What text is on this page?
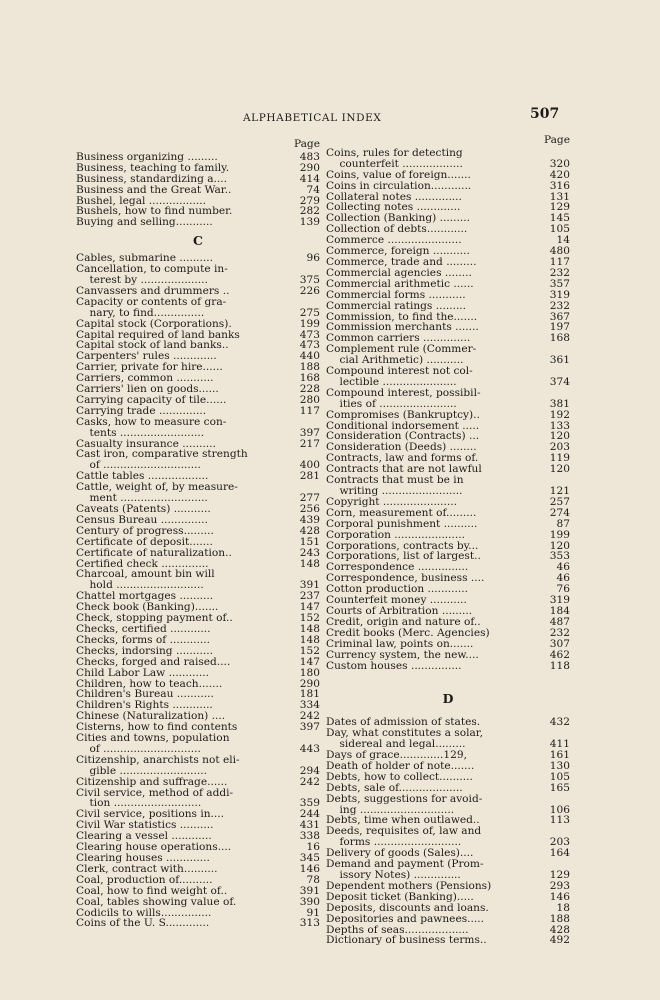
ALPHABETICAL INDEX	507
Page
Business organizing .........	483
Business, teaching to family.	290
Business, standardizing a....	414
Business and the Great War..	74
Bushel, legal .................	279
Bushels, how to find number.	282
Buying and selling...........	139
C
Cables, submarine ..........	96
Cancellation, to compute in-
terest by ....................	375
Canvassers and drummers ..	226
Capacity or contents of gra-
nary, to find...............	275
Capital stock (Corporations).	199
Capital required of land banks	473
Capital stock of land banks..	473
Carpenters' rules .............	440
Carrier, private for hire......	188
Carriers, common ...........	168
Carriers' lien on goods......	228
Carrying capacity of tile......	280
Carrying trade ..............	117
Casks, how to measure con-
tents .........................	397
Casualty insurance ..........	217
Cast iron, comparative strength
of .............................	400
Cattle tables ..................	281
Cattle, weight of, by measure-
ment ..........................	277
Caveats (Patents) ...........	256
Census Bureau ..............	439
Century of progress.........	428
Certificate of deposit.......	151
Certificate of naturalization..	243
Certified check ..............	148
Charcoal, amount bin will
hold ..........................	391
Chattel mortgages ..........	237
Check book (Banking).......	147
Check, stopping payment of..	152
Checks, certified ............	148
Checks, forms of ............	148
Checks, indorsing ...........	152
Checks, forged and raised....	147
Child Labor Law ............	180
Children, how to teach.......	290
Children's Bureau ...........	181
Children's Rights ............	334
Chinese (Naturalization) ....	242
Cisterns, how to find contents	397
Cities and towns, population
of .............................	443
Citizenship, anarchists not eli-
gible ..........................	294
Citizenship and suffrage......	242
Civil service, method of addi-
tion ..........................	359
Civil service, positions in....	244
Civil War statistics ..........	431
Clearing a vessel ............	338
Clearing house operations....	16
Clearing houses .............	345
Clerk, contract with..........	146
Coal, production of..........	78
Coal, how to find weight of..	391
Coal, tables showing value of.	390
Codicils to wills...............	91
Coins of the U. S.............	313
Page
Coins, rules for detecting
counterfeit ..................	320
Coins, value of foreign.......	420
Coins in circulation............	316
Collateral notes ..............	131
Collecting notes .............	129
Collection (Banking) .........	145
Collection of debts............	105
Commerce ......................	14
Commerce, foreign ...........	480
Commerce, trade and .........	117
Commercial agencies ........	232
Commercial arithmetic ......	357
Commercial forms ...........	319
Commercial ratings .........	232
Commission, to find the.......	367
Commission merchants .......	197
Common carriers ..............	168
Complement rule (Commer-
cial Arithmetic) ...........	361
Compound interest not col-
lectible ......................	374
Compound interest, possibil-
ities of .......................	381
Compromises (Bankruptcy)..	192
Conditional indorsement .....	133
Consideration (Contracts) ...	120
Consideration (Deeds) ........	203
Contracts, law and forms of.	119
Contracts that are not lawful	120
Contracts that must be in
writing ........................	121
Copyright ......................	257
Corn, measurement of.........	274
Corporal punishment ..........	87
Corporation .....................	199
Corporations, contracts by...	120
Corporations, list of largest..	353
Correspondence ...............	46
Correspondence, business ....	46
Cotton production ............	76
Counterfeit money ...........	319
Courts of Arbitration .........	184
Credit, origin and nature of..	487
Credit books (Merc. Agencies)	232
Criminal law, points on.......	307
Currency system, the new....	462
Custom houses ...............	118
D
Dates of admission of states.	432
Day, what constitutes a solar,
sidereal and legal.........	411
Days of grace.............129,	161
Death of holder of note.......	130
Debts, how to collect..........	105
Debts, sale of...................	165
Debts, suggestions for avoid-
ing ............................	106
Debts, time when outlawed..	113
Deeds, requisites of, law and
forms ..........................	203
Delivery of goods (Sales)....	164
Demand and payment (Prom-
issory Notes) ..............	129
Dependent mothers (Pensions)	293
Deposit ticket (Banking).....	146
Deposits, discounts and loans.	18
Depositories and pawnees.....	188
Depths of seas...................	428
Dictionary of business terms..	492
